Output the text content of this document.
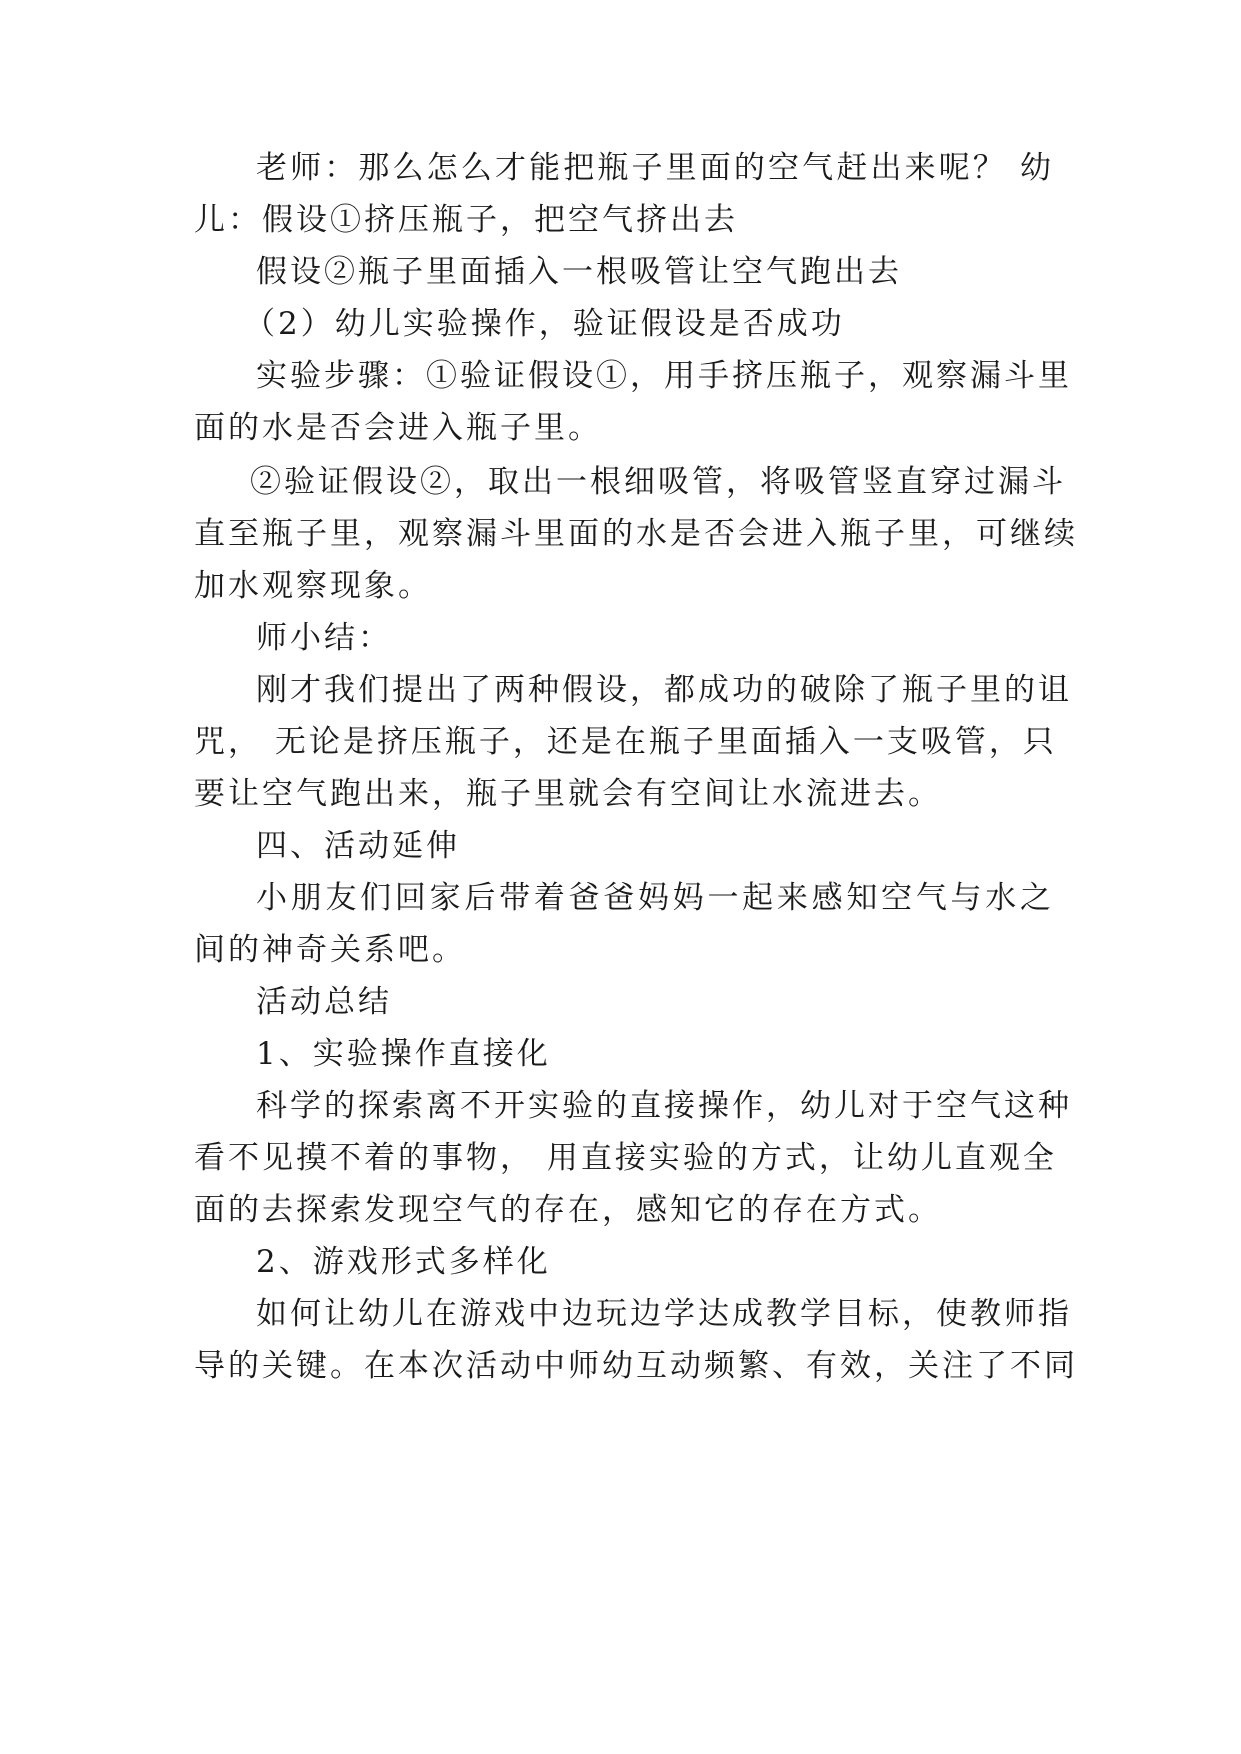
老师：那么怎么才能把瓶子里面的空气赶出来呢？ 幼
儿：假设①挤压瓶子，把空气挤出去
假设②瓶子里面插入一根吸管让空气跑出去
（2）幼儿实验操作，验证假设是否成功
实验步骤：①验证假设①，用手挤压瓶子，观察漏斗里
面的水是否会进入瓶子里。
②验证假设②，取出一根细吸管，将吸管竖直穿过漏斗
直至瓶子里，观察漏斗里面的水是否会进入瓶子里，可继续
加水观察现象。
师小结：
刚才我们提出了两种假设，都成功的破除了瓶子里的诅
咒， 无论是挤压瓶子，还是在瓶子里面插入一支吸管，只
要让空气跑出来，瓶子里就会有空间让水流进去。
四、活动延伸
小朋友们回家后带着爸爸妈妈一起来感知空气与水之
间的神奇关系吧。
活动总结
1、实验操作直接化
科学的探索离不开实验的直接操作，幼儿对于空气这种
看不见摸不着的事物， 用直接实验的方式，让幼儿直观全
面的去探索发现空气的存在，感知它的存在方式。
2、游戏形式多样化
如何让幼儿在游戏中边玩边学达成教学目标，使教师指
导的关键。在本次活动中师幼互动频繁、有效，关注了不同
